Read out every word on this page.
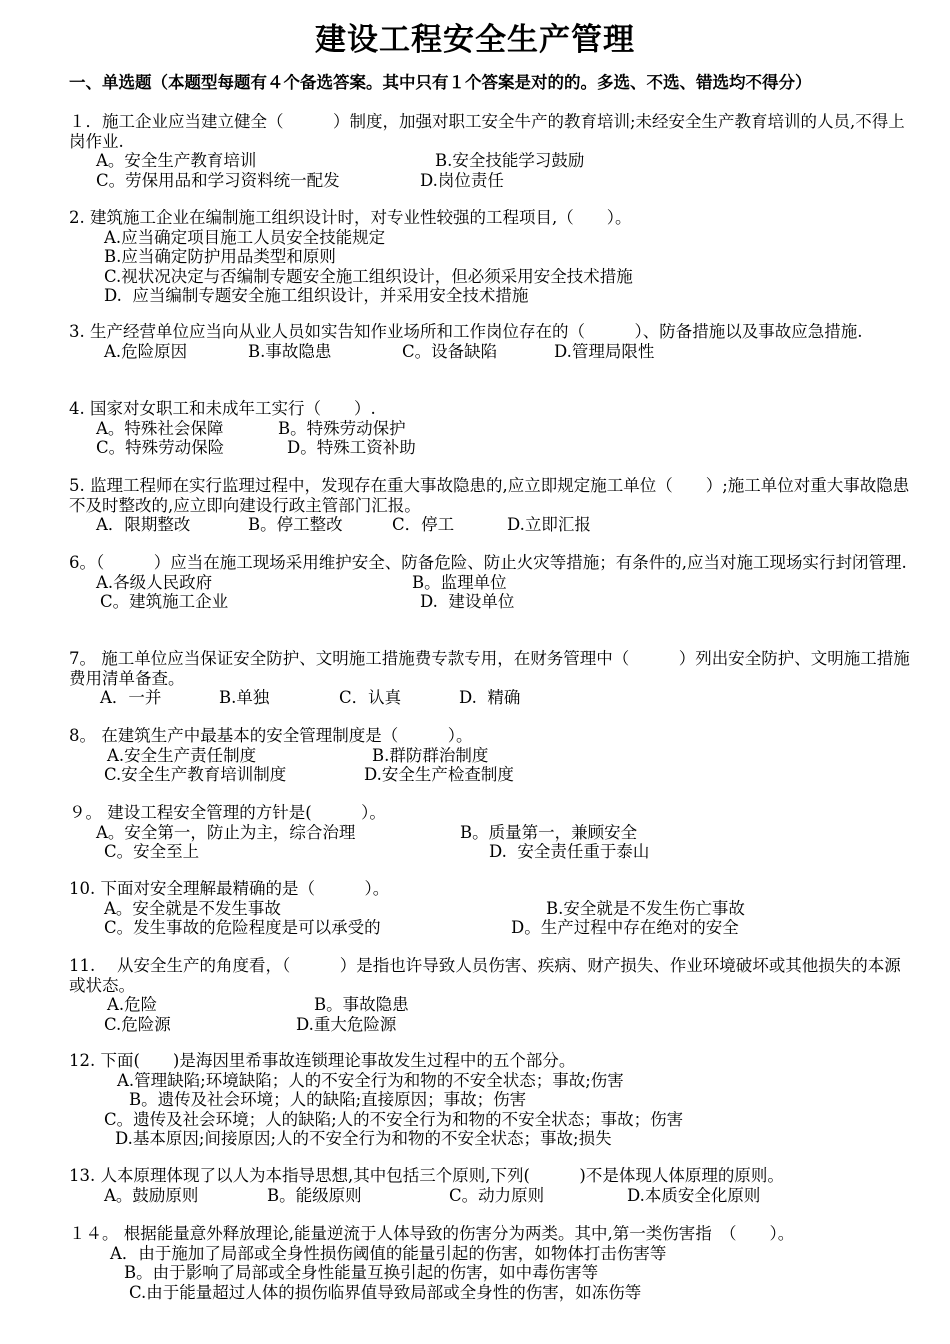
建设工程安全生产管理
一、单选题（本题型每题有４个备选答案。其中只有１个答案是对的的。多选、不选、错选均不得分）
１．施工企业应当建立健全（　　　）制度，加强对职工安全牛产的教育培训;未经安全生产教育培训的人员,不得上岗作业.
A。安全生产教育培训	B.安全技能学习鼓励
C。劳保用品和学习资料统一配发	D.岗位责任
2. 建筑施工企业在编制施工组织设计时，对专业性较强的工程项目,（　　）。
A.应当确定项目施工人员安全技能规定
B.应当确定防护用品类型和原则
C.视状况决定与否编制专题安全施工组织设计，但必须采用安全技术措施
D.  应当编制专题安全施工组织设计，并采用安全技术措施
3. 生产经营单位应当向从业人员如实告知作业场所和工作岗位存在的（　　　）、防备措施以及事故应急措施.
A.危险原因	B.事故隐患	C。设备缺陷	D.管理局限性
4. 国家对女职工和未成年工实行（　　）.
A。特殊社会保障	B。特殊劳动保护
C。特殊劳动保险	D。特殊工资补助
5. 监理工程师在实行监理过程中，发现存在重大事故隐患的,应立即规定施工单位（　　）;施工单位对重大事故隐患不及时整改的,应立即向建设行政主管部门汇报。
A．限期整改	B。停工整改	C．停工	D.立即汇报
6。（　　　）应当在施工现场采用维护安全、防备危险、防止火灾等措施；有条件的,应当对施工现场实行封闭管理.
A.各级人民政府	B。监理单位
C。建筑施工企业	D.  建设单位
7。 施工单位应当保证安全防护、文明施工措施费专款专用，在财务管理中（　　　）列出安全防护、文明施工措施费用清单备查。
A．一并	B.单独	C．认真	D.  精确
8。 在建筑生产中最基本的安全管理制度是（　　　）。
A.安全生产责任制度	B.群防群治制度
C.安全生产教育培训制度	D.安全生产检查制度
９。 建设工程安全管理的方针是(　　　）。
A。安全第一，防止为主，综合治理	B。质量第一，兼顾安全
C。安全至上	D.  安全责任重于泰山
10. 下面对安全理解最精确的是（　　　）。
A。安全就是不发生事故	B.安全就是不发生伤亡事故
C。发生事故的危险程度是可以承受的	D。生产过程中存在绝对的安全
11.　 从安全生产的角度看，（　　　）是指也许导致人员伤害、疾病、财产损失、作业环境破坏或其他损失的本源或状态。
A.危险	B。事故隐患
C.危险源	D.重大危险源
12. 下面(　　)是海因里希事故连锁理论事故发生过程中的五个部分。
A.管理缺陷;环境缺陷；人的不安全行为和物的不安全状态；事故;伤害
B。遗传及社会环境；人的缺陷;直接原因；事故；伤害
C。遗传及社会环境；人的缺陷;人的不安全行为和物的不安全状态；事故；伤害
D.基本原因;间接原因;人的不安全行为和物的不安全状态；事故;损失
13. 人本原理体现了以人为本指导思想,其中包括三个原则,下列(　　　)不是体现人体原理的原则。
A。鼓励原则	B。能级原则	C。动力原则	D.本质安全化原则
１４。 根据能量意外释放理论,能量逆流于人体导致的伤害分为两类。其中,第一类伤害指　（　　）。
A．由于施加了局部或全身性损伤阈值的能量引起的伤害，如物体打击伤害等
B。由于影响了局部或全身性能量互换引起的伤害，如中毒伤害等
C.由于能量超过人体的损伤临界值导致局部或全身性的伤害，如冻伤等
